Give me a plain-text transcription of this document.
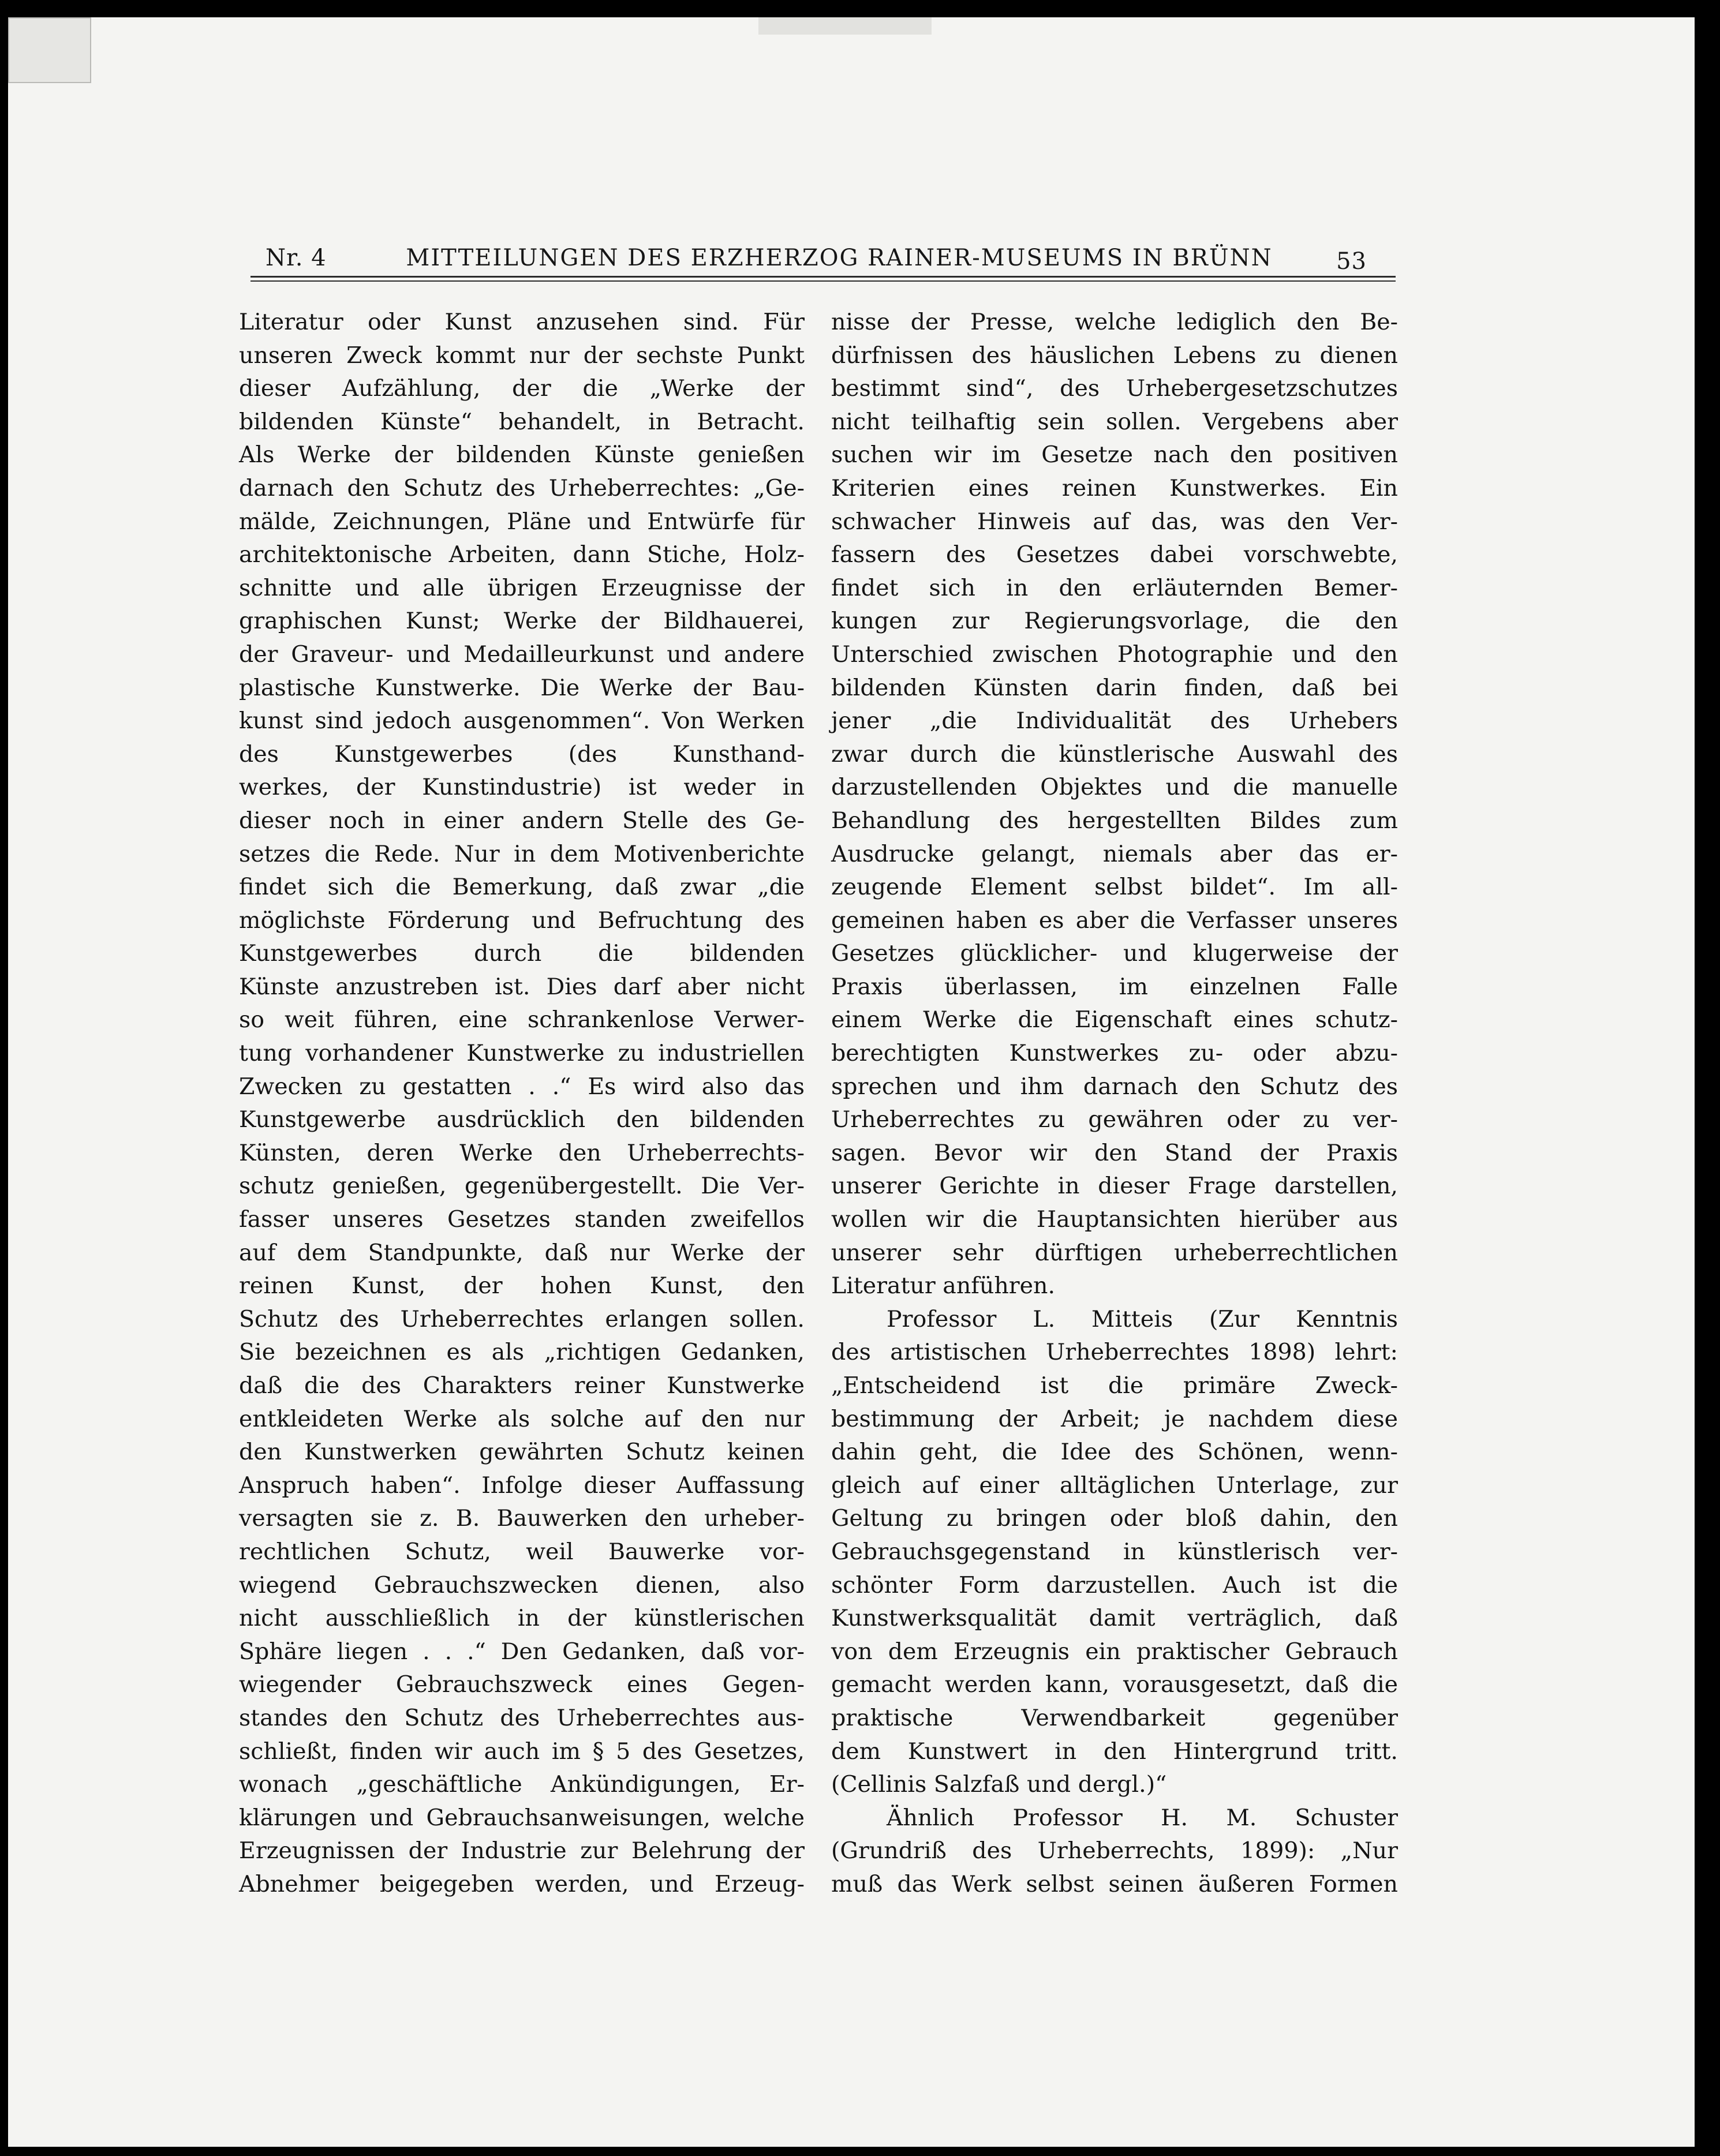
Nr. 4	MITTEILUNGEN DES ERZHERZOG RAINER-MUSEUMS IN BRÜNN	53
Literatur oder Kunst anzusehen sind. Für
unseren Zweck kommt nur der sechste Punkt
dieser Aufzählung, der die „Werke der
bildenden Künste“ behandelt, in Betracht.
Als Werke der bildenden Künste genießen
darnach den Schutz des Urheberrechtes: „Ge-
mälde, Zeichnungen, Pläne und Entwürfe für
architektonische Arbeiten, dann Stiche, Holz-
schnitte und alle übrigen Erzeugnisse der
graphischen Kunst; Werke der Bildhauerei,
der Graveur- und Medailleurkunst und andere
plastische Kunstwerke. Die Werke der Bau-
kunst sind jedoch ausgenommen“. Von Werken
des Kunstgewerbes (des Kunsthand-
werkes, der Kunstindustrie) ist weder in
dieser noch in einer andern Stelle des Ge-
setzes die Rede. Nur in dem Motivenberichte
findet sich die Bemerkung, daß zwar „die
möglichste Förderung und Befruchtung des
Kunstgewerbes durch die bildenden
Künste anzustreben ist. Dies darf aber nicht
so weit führen, eine schrankenlose Verwer-
tung vorhandener Kunstwerke zu industriellen
Zwecken zu gestatten . .“ Es wird also das
Kunstgewerbe ausdrücklich den bildenden
Künsten, deren Werke den Urheberrechts-
schutz genießen, gegenübergestellt. Die Ver-
fasser unseres Gesetzes standen zweifellos
auf dem Standpunkte, daß nur Werke der
reinen Kunst, der hohen Kunst, den
Schutz des Urheberrechtes erlangen sollen.
Sie bezeichnen es als „richtigen Gedanken,
daß die des Charakters reiner Kunstwerke
entkleideten Werke als solche auf den nur
den Kunstwerken gewährten Schutz keinen
Anspruch haben“. Infolge dieser Auffassung
versagten sie z. B. Bauwerken den urheber-
rechtlichen Schutz, weil Bauwerke vor-
wiegend Gebrauchszwecken dienen, also
nicht ausschließlich in der künstlerischen
Sphäre liegen . . .“ Den Gedanken, daß vor-
wiegender Gebrauchszweck eines Gegen-
standes den Schutz des Urheberrechtes aus-
schließt, finden wir auch im § 5 des Gesetzes,
wonach „geschäftliche Ankündigungen, Er-
klärungen und Gebrauchsanweisungen, welche
Erzeugnissen der Industrie zur Belehrung der
Abnehmer beigegeben werden, und Erzeug-
nisse der Presse, welche lediglich den Be-
dürfnissen des häuslichen Lebens zu dienen
bestimmt sind“, des Urhebergesetzschutzes
nicht teilhaftig sein sollen. Vergebens aber
suchen wir im Gesetze nach den positiven
Kriterien eines reinen Kunstwerkes. Ein
schwacher Hinweis auf das, was den Ver-
fassern des Gesetzes dabei vorschwebte,
findet sich in den erläuternden Bemer-
kungen zur Regierungsvorlage, die den
Unterschied zwischen Photographie und den
bildenden Künsten darin finden, daß bei
jener „die Individualität des Urhebers
zwar durch die künstlerische Auswahl des
darzustellenden Objektes und die manuelle
Behandlung des hergestellten Bildes zum
Ausdrucke gelangt, niemals aber das er-
zeugende Element selbst bildet“. Im all-
gemeinen haben es aber die Verfasser unseres
Gesetzes glücklicher- und klugerweise der
Praxis überlassen, im einzelnen Falle
einem Werke die Eigenschaft eines schutz-
berechtigten Kunstwerkes zu- oder abzu-
sprechen und ihm darnach den Schutz des
Urheberrechtes zu gewähren oder zu ver-
sagen. Bevor wir den Stand der Praxis
unserer Gerichte in dieser Frage darstellen,
wollen wir die Hauptansichten hierüber aus
unserer sehr dürftigen urheberrechtlichen
Literatur anführen.
Professor L. Mitteis (Zur Kenntnis
des artistischen Urheberrechtes 1898) lehrt:
„Entscheidend ist die primäre Zweck-
bestimmung der Arbeit; je nachdem diese
dahin geht, die Idee des Schönen, wenn-
gleich auf einer alltäglichen Unterlage, zur
Geltung zu bringen oder bloß dahin, den
Gebrauchsgegenstand in künstlerisch ver-
schönter Form darzustellen. Auch ist die
Kunstwerksqualität damit verträglich, daß
von dem Erzeugnis ein praktischer Gebrauch
gemacht werden kann, vorausgesetzt, daß die
praktische Verwendbarkeit gegenüber
dem Kunstwert in den Hintergrund tritt.
(Cellinis Salzfaß und dergl.)“
Ähnlich Professor H. M. Schuster
(Grundriß des Urheberrechts, 1899): „Nur
muß das Werk selbst seinen äußeren Formen
